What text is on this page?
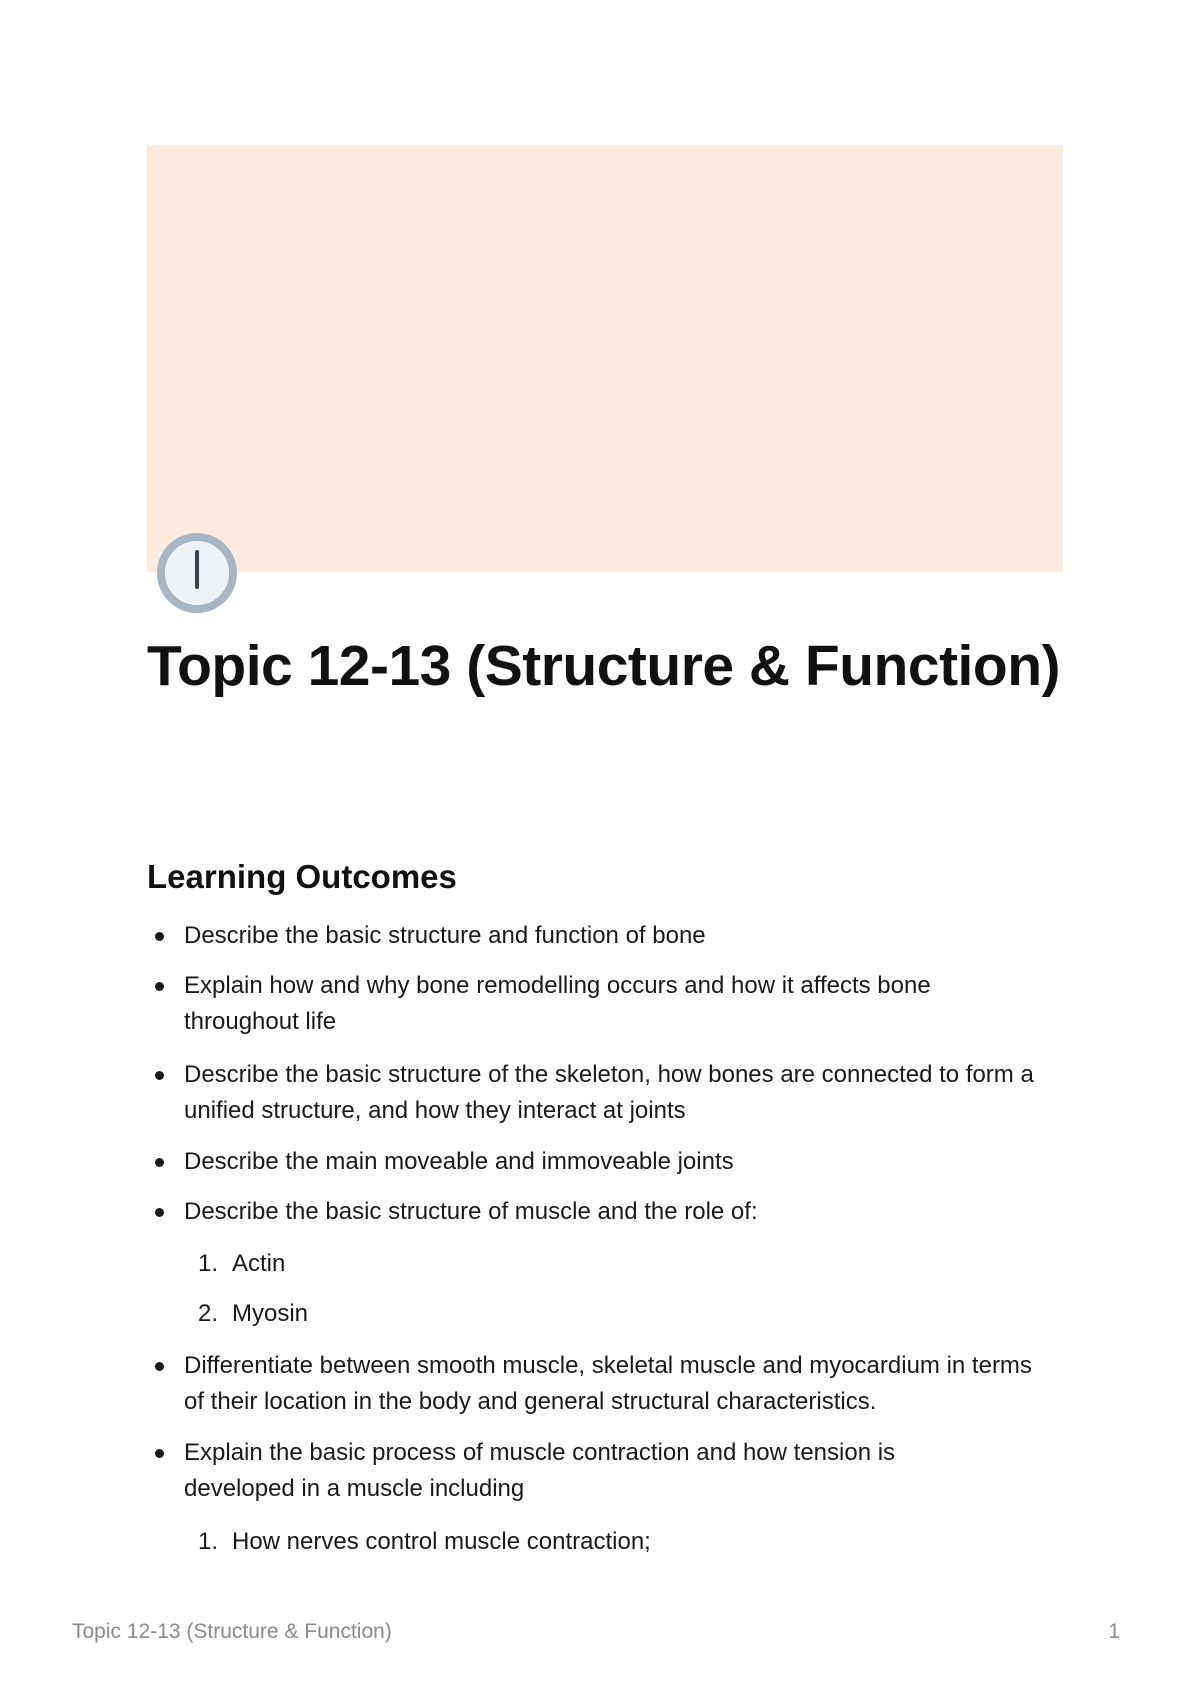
Topic 12-13 (Structure & Function)
Learning Outcomes
Describe the basic structure and function of bone
Explain how and why bone remodelling occurs and how it affects bone throughout life
Describe the basic structure of the skeleton, how bones are connected to form a unified structure, and how they interact at joints
Describe the main moveable and immoveable joints
Describe the basic structure of muscle and the role of:
1. Actin
2. Myosin
Differentiate between smooth muscle, skeletal muscle and myocardium in terms of their location in the body and general structural characteristics.
Explain the basic process of muscle contraction and how tension is developed in a muscle including
1. How nerves control muscle contraction;
Topic 12-13 (Structure & Function)	1
